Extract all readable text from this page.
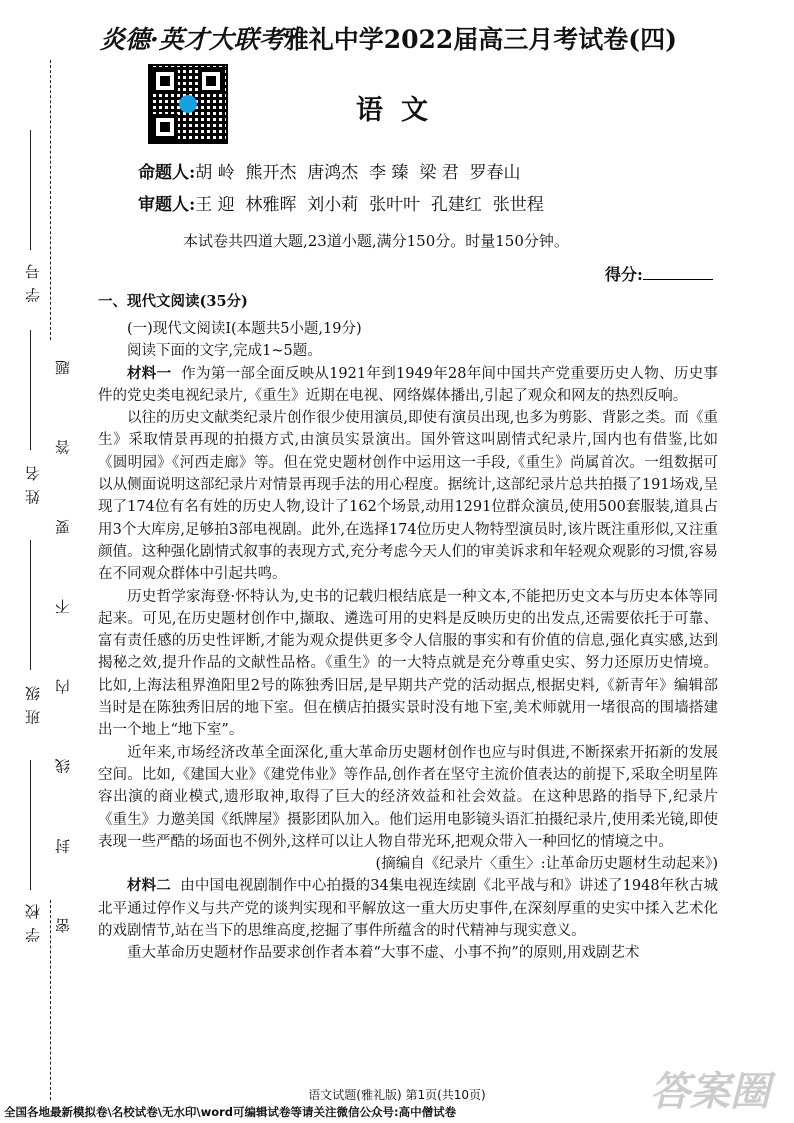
学 号
姓 名
班 级
学 校 密 封 线 内 不 要 答 题
炎德·英才大联考雅礼中学2022届高三月考试卷(四)
语文
命题人:胡 岭  熊开杰  唐鸿杰  李 臻  梁 君  罗春山
审题人:王 迎  林雅晖  刘小莉  张叶叶  孔建红  张世程
本试卷共四道大题,23道小题,满分150分。时量150分钟。
得分:
一、现代文阅读(35分)

(一)现代文阅读Ⅰ(本题共5小题,19分)

阅读下面的文字,完成1~5题。

材料一 作为第一部全面反映从1921年到1949年28年间中国共产党重要历史人物、历史事件的党史类电视纪录片,《重生》近期在电视、网络媒体播出,引起了观众和网友的热烈反响。

以往的历史文献类纪录片创作很少使用演员,即使有演员出现,也多为剪影、背影之类。而《重生》采取情景再现的拍摄方式,由演员实景演出。国外管这叫剧情式纪录片,国内也有借鉴,比如《圆明园》《河西走廊》等。但在党史题材创作中运用这一手段,《重生》尚属首次。一组数据可以从侧面说明这部纪录片对情景再现手法的用心程度。据统计,这部纪录片总共拍摄了191场戏,呈现了174位有名有姓的历史人物,设计了162个场景,动用1291位群众演员,使用500套服装,道具占用3个大库房,足够拍3部电视剧。此外,在选择174位历史人物特型演员时,该片既注重形似,又注重颜值。这种强化剧情式叙事的表现方式,充分考虑今天人们的审美诉求和年轻观众观影的习惯,容易在不同观众群体中引起共鸣。

历史哲学家海登·怀特认为,史书的记载归根结底是一种文本,不能把历史文本与历史本体等同起来。可见,在历史题材创作中,撷取、遴选可用的史料是反映历史的出发点,还需要依托于可靠、富有责任感的历史性评断,才能为观众提供更多令人信服的事实和有价值的信息,强化真实感,达到揭秘之效,提升作品的文献性品格。《重生》的一大特点就是充分尊重史实、努力还原历史情境。比如,上海法租界渔阳里2号的陈独秀旧居,是早期共产党的活动据点,根据史料,《新青年》编辑部当时是在陈独秀旧居的地下室。但在横店拍摄实景时没有地下室,美术师就用一堵很高的围墙搭建出一个地上“地下室”。

近年来,市场经济改革全面深化,重大革命历史题材创作也应与时俱进,不断探索开拓新的发展空间。比如,《建国大业》《建党伟业》等作品,创作者在坚守主流价值表达的前提下,采取全明星阵容出演的商业模式,遗形取神,取得了巨大的经济效益和社会效益。在这种思路的指导下,纪录片《重生》力邀美国《纸牌屋》摄影团队加入。他们运用电影镜头语汇拍摄纪录片,使用柔光镜,即使表现一些严酷的场面也不例外,这样可以让人物自带光环,把观众带入一种回忆的情境之中。

(摘编自《纪录片〈重生〉:让革命历史题材生动起来》)

材料二 由中国电视剧制作中心拍摄的34集电视连续剧《北平战与和》讲述了1948年秋古城北平通过停作义与共产党的谈判实现和平解放这一重大历史事件,在深刻厚重的史实中揉入艺术化的戏剧情节,站在当下的思维高度,挖掘了事件所蕴含的时代精神与现实意义。

重大革命历史题材作品要求创作者本着“大事不虚、小事不拘”的原则,用戏剧艺术

语文试题(雅礼版) 第1页(共10页)
全国各地最新模拟卷\名校试卷\无水印\word可编辑试卷等请关注微信公众号:高中僧试卷	答案圈
